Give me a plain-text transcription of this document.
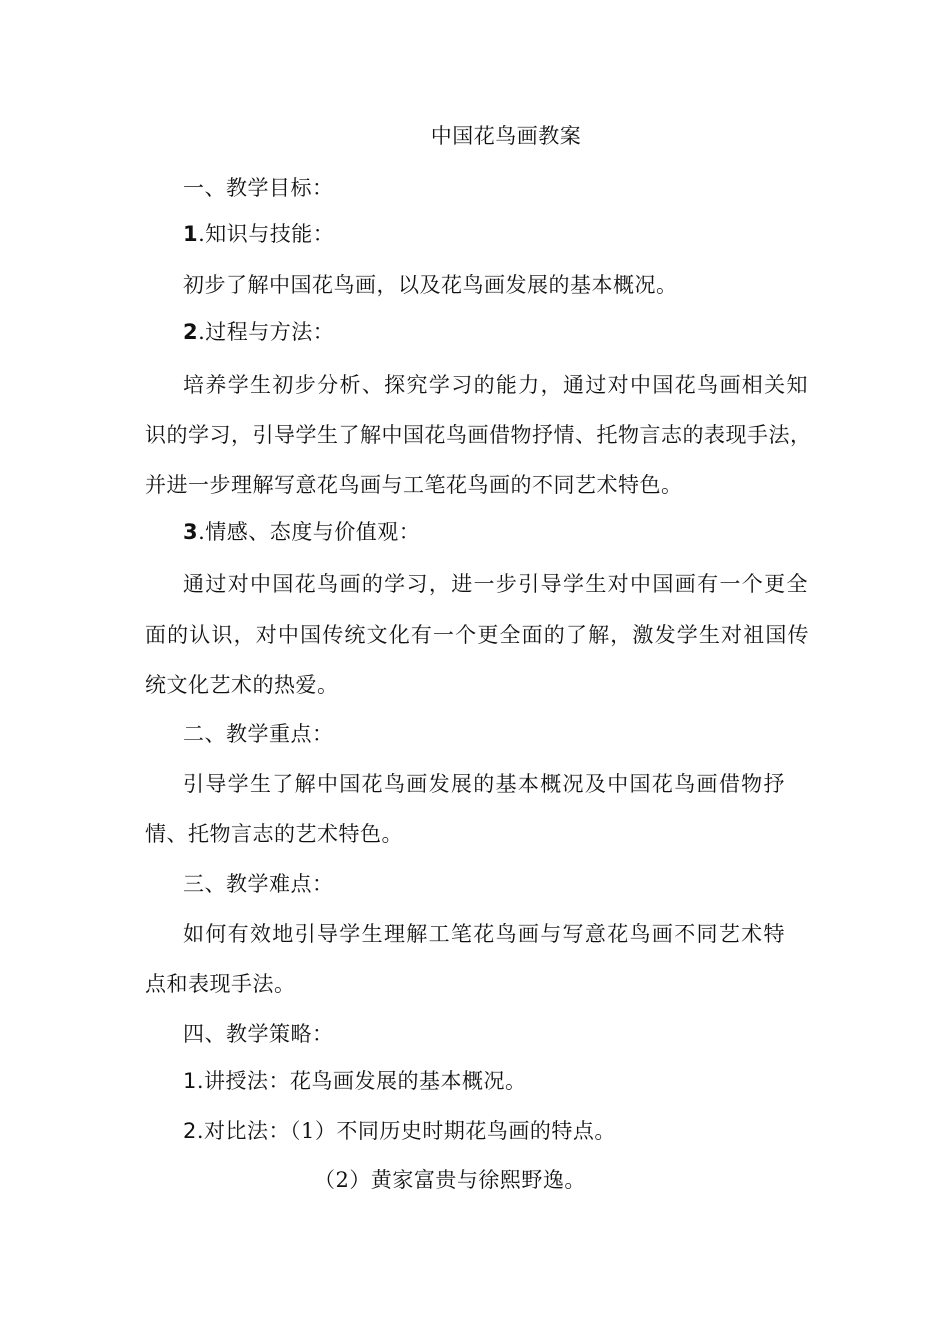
中国花鸟画教案
一、教学目标：
1.知识与技能：
初步了解中国花鸟画，以及花鸟画发展的基本概况。
2.过程与方法：
培养学生初步分析、探究学习的能力，通过对中国花鸟画相关知
识的学习，引导学生了解中国花鸟画借物抒情、托物言志的表现手法，
并进一步理解写意花鸟画与工笔花鸟画的不同艺术特色。
3.情感、态度与价值观：
通过对中国花鸟画的学习，进一步引导学生对中国画有一个更全
面的认识，对中国传统文化有一个更全面的了解，激发学生对祖国传
统文化艺术的热爱。
二、教学重点：
引导学生了解中国花鸟画发展的基本概况及中国花鸟画借物抒
情、托物言志的艺术特色。
三、教学难点：
如何有效地引导学生理解工笔花鸟画与写意花鸟画不同艺术特
点和表现手法。
四、教学策略：
1.讲授法：花鸟画发展的基本概况。
2.对比法：（1）不同历史时期花鸟画的特点。
（2）黄家富贵与徐熙野逸。
